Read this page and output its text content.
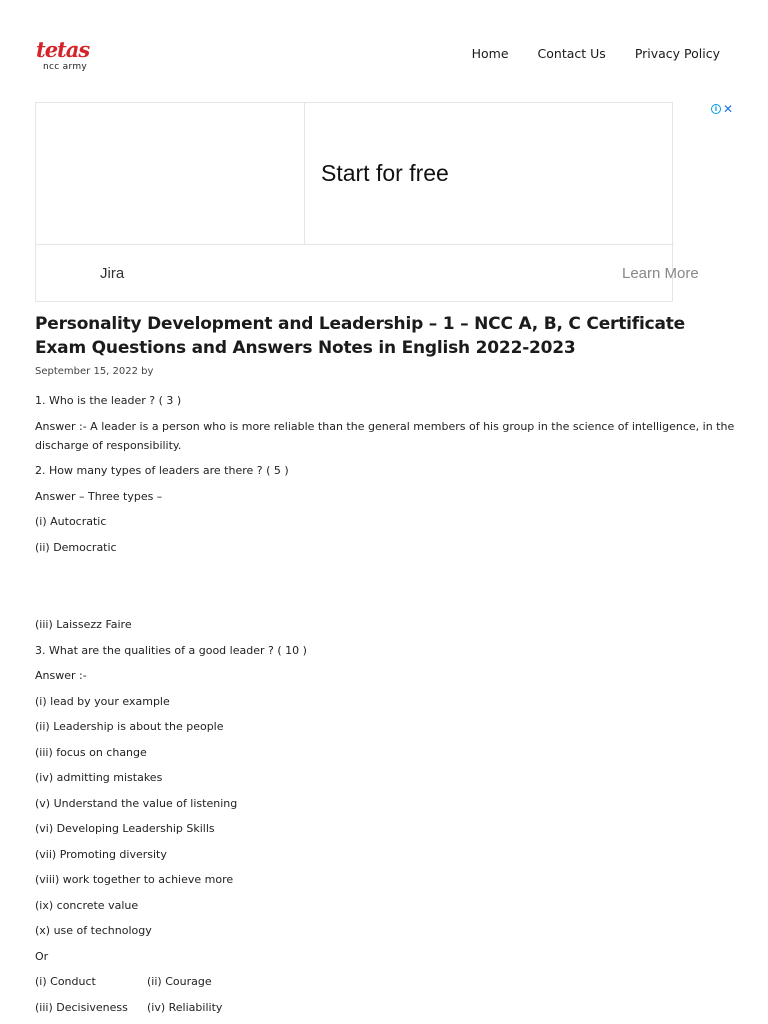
tetas
ncc army
Home Contact Us Privacy Policy
Start for free
Jira	Learn More
i ✕
Personality Development and Leadership – 1 – NCC A, B, C Certificate Exam Questions and Answers Notes in English 2022-2023
September 15, 2022 by

1. Who is the leader ? ( 3 )

Answer :- A leader is a person who is more reliable than the general members of his group in the science of intelligence, in the discharge of responsibility.

2. How many types of leaders are there ? ( 5 )

Answer – Three types –

(i) Autocratic

(ii) Democratic

(iii) Laissezz Faire

3. What are the qualities of a good leader ? ( 10 )

Answer :-

(i) lead by your example

(ii) Leadership is about the people

(iii) focus on change

(iv) admitting mistakes

(v) Understand the value of listening

(vi) Developing Leadership Skills

(vii) Promoting diversity

(viii) work together to achieve more

(ix) concrete value

(x) use of technology

Or

(i) Conduct	(ii) Courage

(iii) Decisiveness (iv) Reliability
